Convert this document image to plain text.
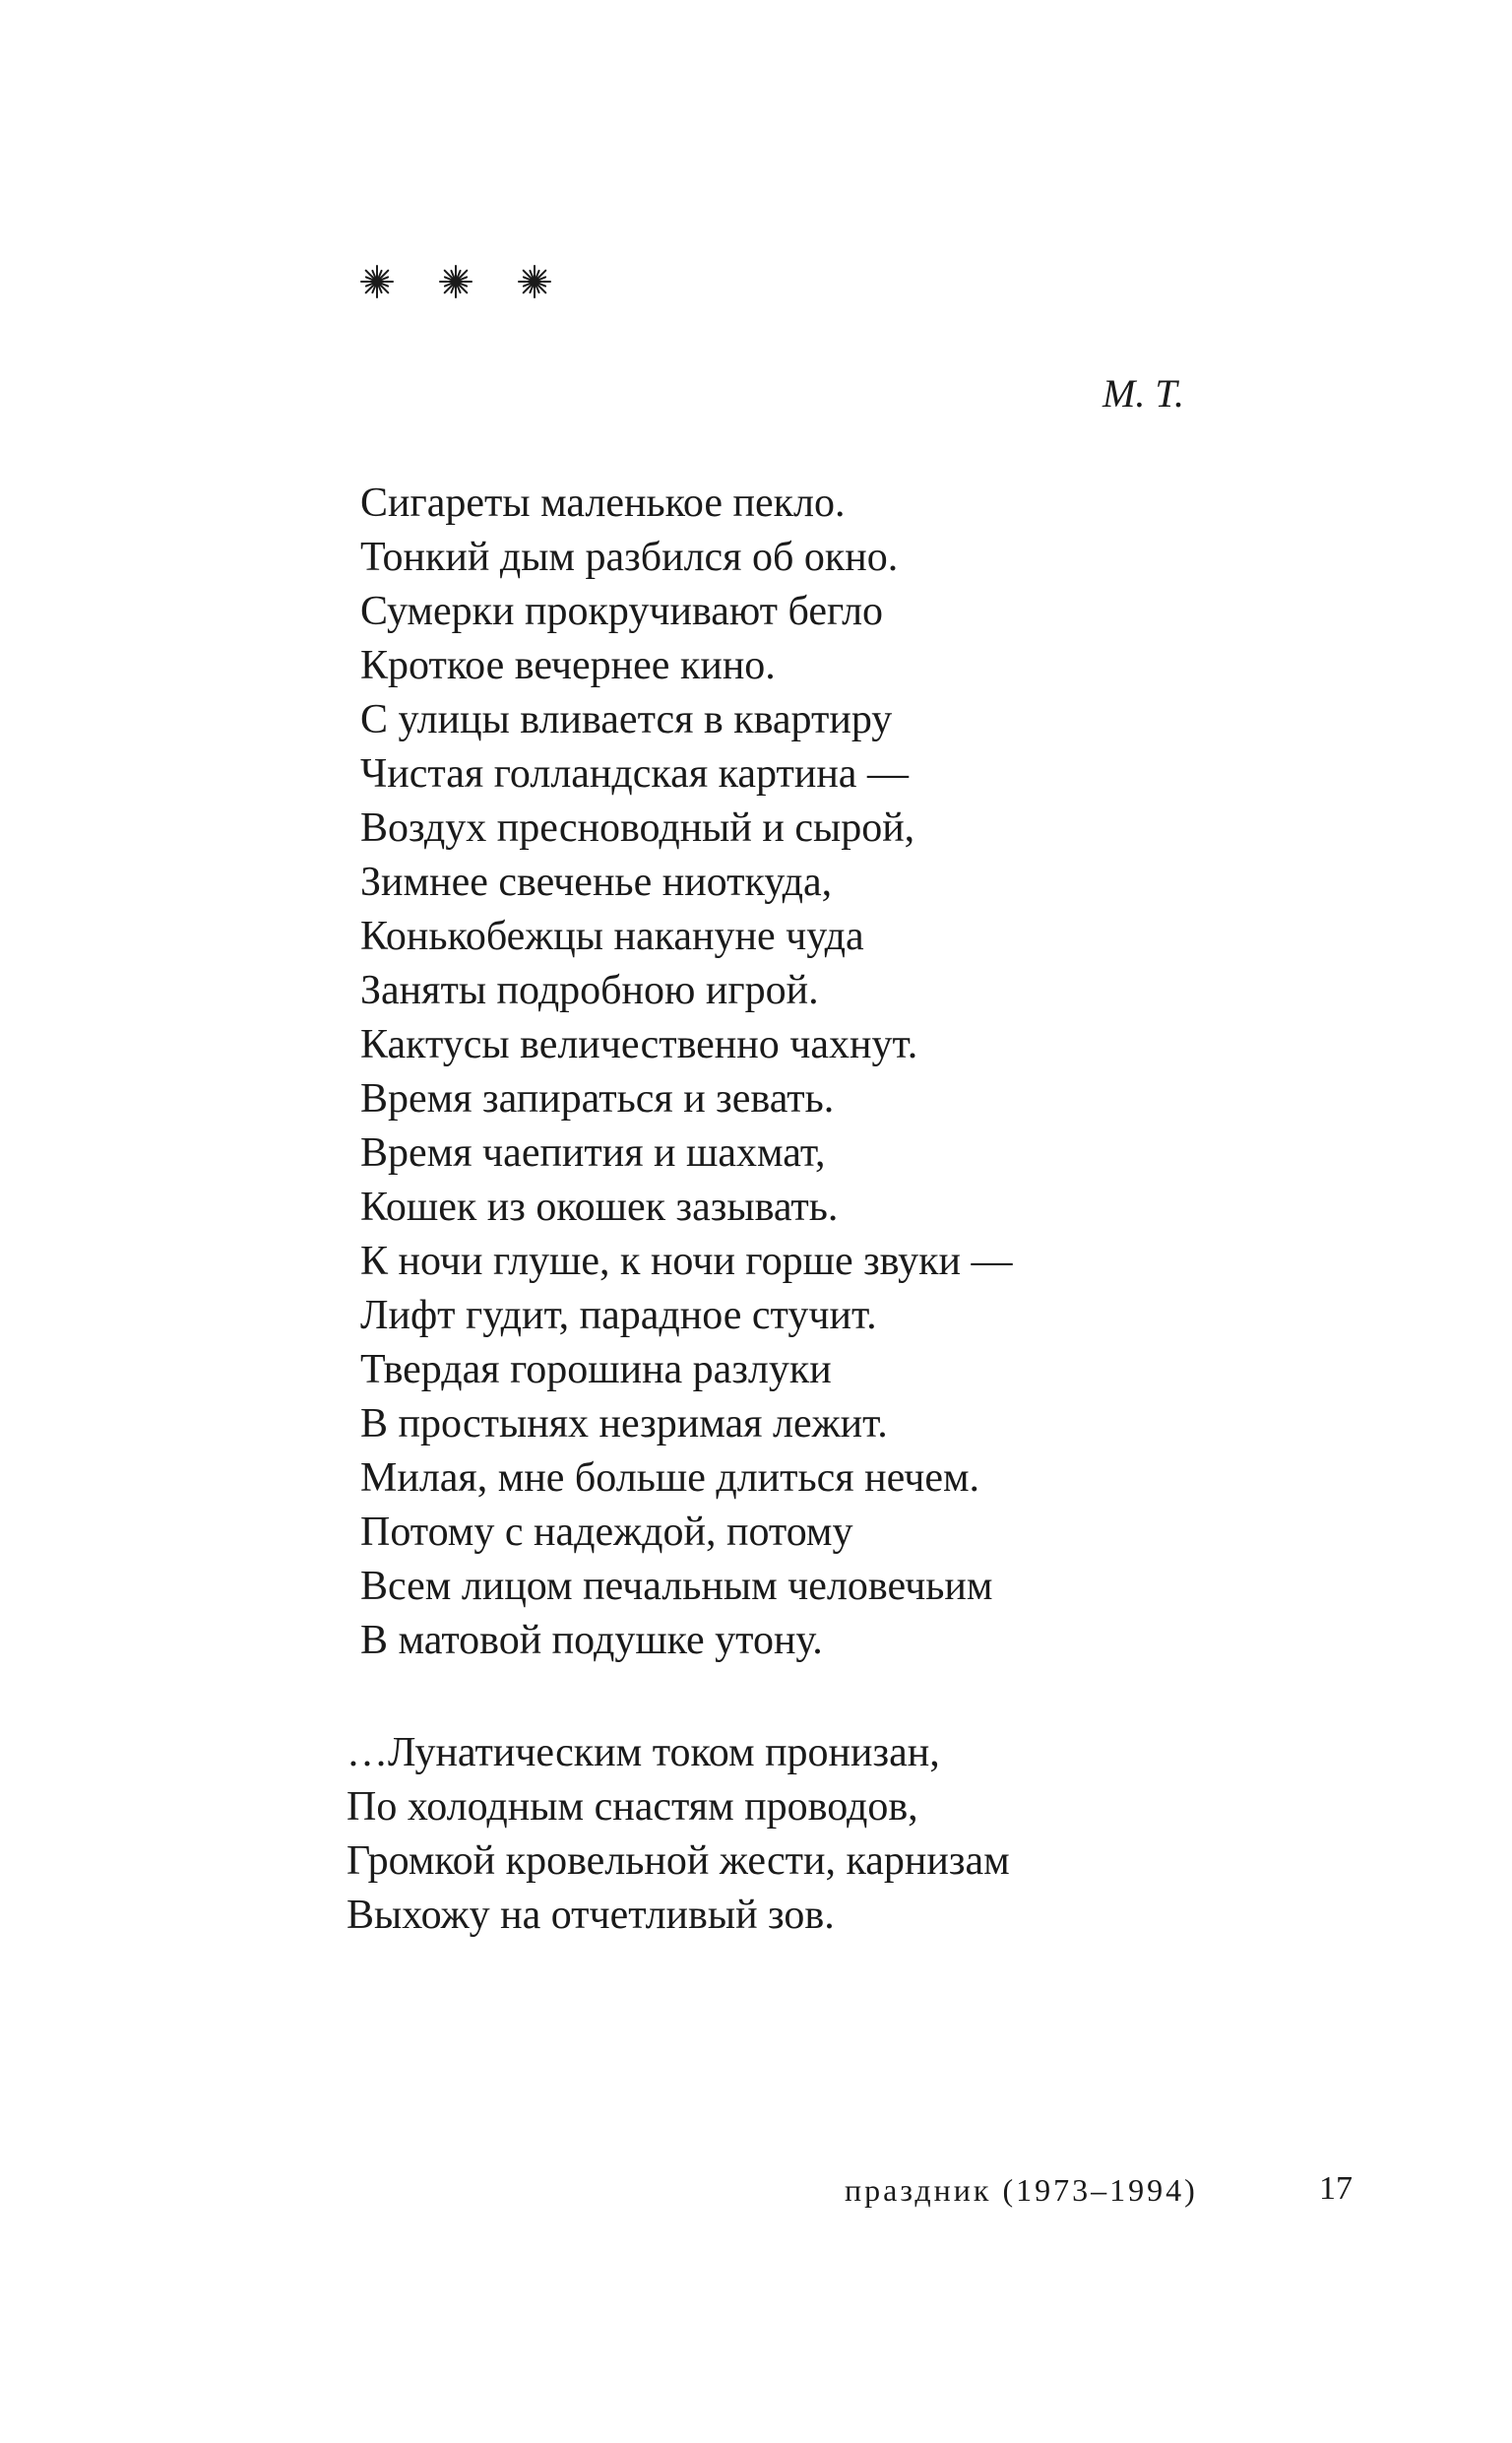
М. Т.
Сигареты маленькое пекло.
Тонкий дым разбился об окно.
Сумерки прокручивают бегло
Кроткое вечернее кино.
С улицы вливается в квартиру
Чистая голландская картина —
Воздух пресноводный и сырой,
Зимнее свеченье ниоткуда,
Конькобежцы накануне чуда
Заняты подробною игрой.
Кактусы величественно чахнут.
Время запираться и зевать.
Время чаепития и шахмат,
Кошек из окошек зазывать.
К ночи глуше, к ночи горше звуки —
Лифт гудит, парадное стучит.
Твердая горошина разлуки
В простынях незримая лежит.
Милая, мне больше длиться нечем.
Потому с надеждой, потому
Всем лицом печальным человечьим
В матовой подушке утону.
…Лунатическим током пронизан,
По холодным снастям проводов,
Громкой кровельной жести, карнизам
Выхожу на отчетливый зов.
праздник (1973–1994)	17
